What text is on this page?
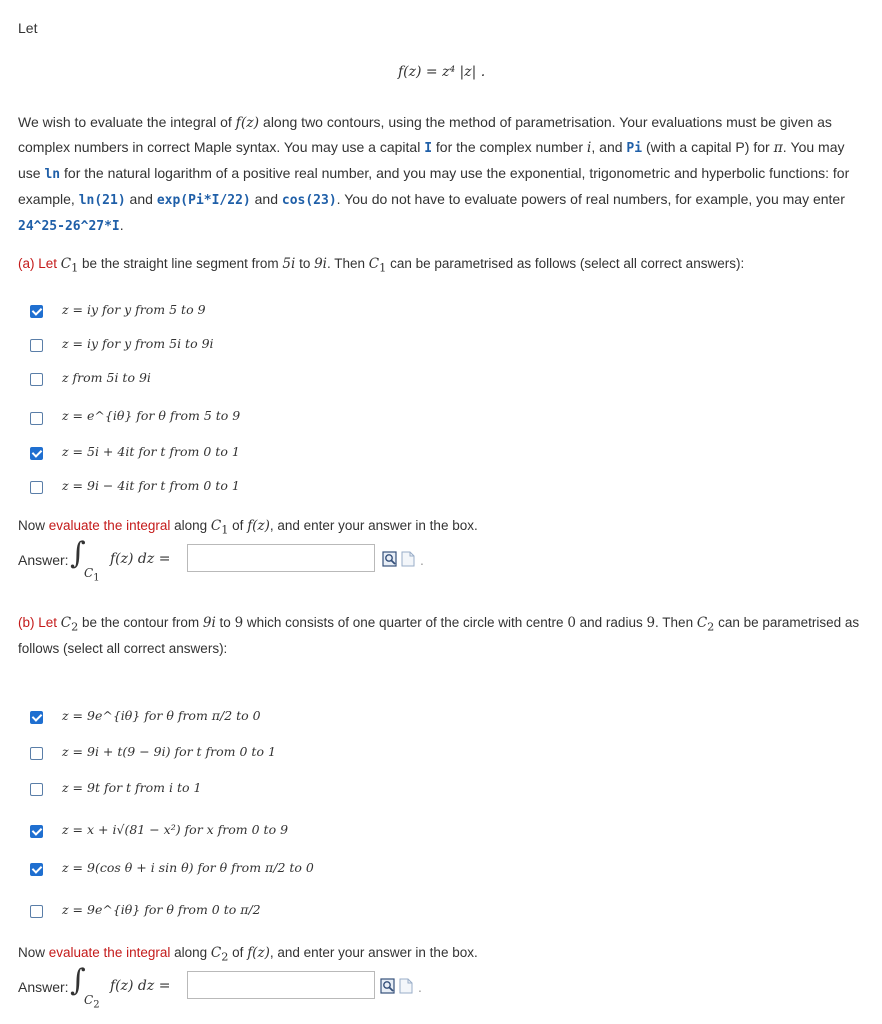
Let
f(z) = z⁴ |z| .
We wish to evaluate the integral of f(z) along two contours, using the method of parametrisation. Your evaluations must be given as complex numbers in correct Maple syntax. You may use a capital I for the complex number i, and Pi (with a capital P) for π. You may use ln for the natural logarithm of a positive real number, and you may use the exponential, trigonometric and hyperbolic functions: for example, ln(21) and exp(Pi*I/22) and cos(23). You do not have to evaluate powers of real numbers, for example, you may enter 24^25-26^27*I.
(a) Let $C_1$ be the straight line segment from 5i to 9i. Then $C_1$ can be parametrised as follows (select all correct answers):
z = iy for y from 5 to 9
z = iy for y from 5i to 9i
z from 5i to 9i
z = e^{iθ} for θ from 5 to 9
z = 5i + 4it for t from 0 to 1
z = 9i − 4it for t from 0 to 1
Now evaluate the integral along $C_1$ of f(z), and enter your answer in the box.
Answer: ∫
$C_1$
f(z) dz =	.
(b) Let $C_2$ be the contour from 9i to 9 which consists of one quarter of the circle with centre 0 and radius 9. Then $C_2$ can be parametrised as follows (select all correct answers):
z = 9e^{iθ} for θ from π/2 to 0
z = 9i + t(9 − 9i) for t from 0 to 1
z = 9t for t from i to 1
z = x + i√(81 − x²) for x from 0 to 9
z = 9(cos θ + i sin θ) for θ from π/2 to 0
z = 9e^{iθ} for θ from 0 to π/2
Now evaluate the integral along $C_2$ of f(z), and enter your answer in the box.
Answer: ∫
$C_2$
f(z) dz =	.
